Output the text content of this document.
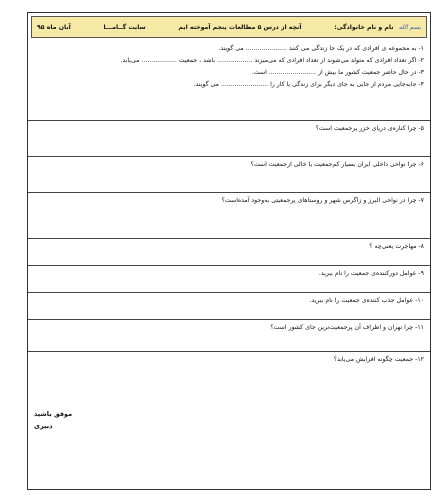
بسم الله نام و نام خانوادگی:
آنچه از درس ۵ مطالعات پنجم آموخته ایم
سایت گــامـــا
آبان ماه ۹۵
۱- به مجموعه ی افرادی که در یک جا زندگی می کنند ..................... می گویند.
۲- اگر تعداد افرادی که متولد می‌شوند از تعداد افرادی که می‌میرند .................. باشد ، جمعیت .................. می‌یابد.
۳- در حال حاضر جمعیت کشور ما بیش از ........................ است.
۴- جابه‌جایی مردم از جایی به جای دیگر برای زندگی یا کار را ........................ می گویند.
۵- چرا کناره‌ی دریای خزر پرجمعیت است؟
۶- چرا نواحی داخلی ایران بسیار کم‌جمعیت یا خالی ازجمعیت است؟
۷- چرا در نواحی البرز و زاگرس شهر و روستاهای پرجمعیتی به‌وجود آمده‌است؟
۸- مهاجرت یعنی‌چه ؟
۹- عوامل دورکننده‌ی جمعیت را نام ببرید.
۱۰- عوامل جذب کننده‌ی جمعیت را نام ببرید.
۱۱- چرا تهران و اطراف آن پرجمعیت‌ترین جای کشور است؟
۱۲- جمعیت چگونه افزایش می‌یابد؟
موفق باشید
دبیری
